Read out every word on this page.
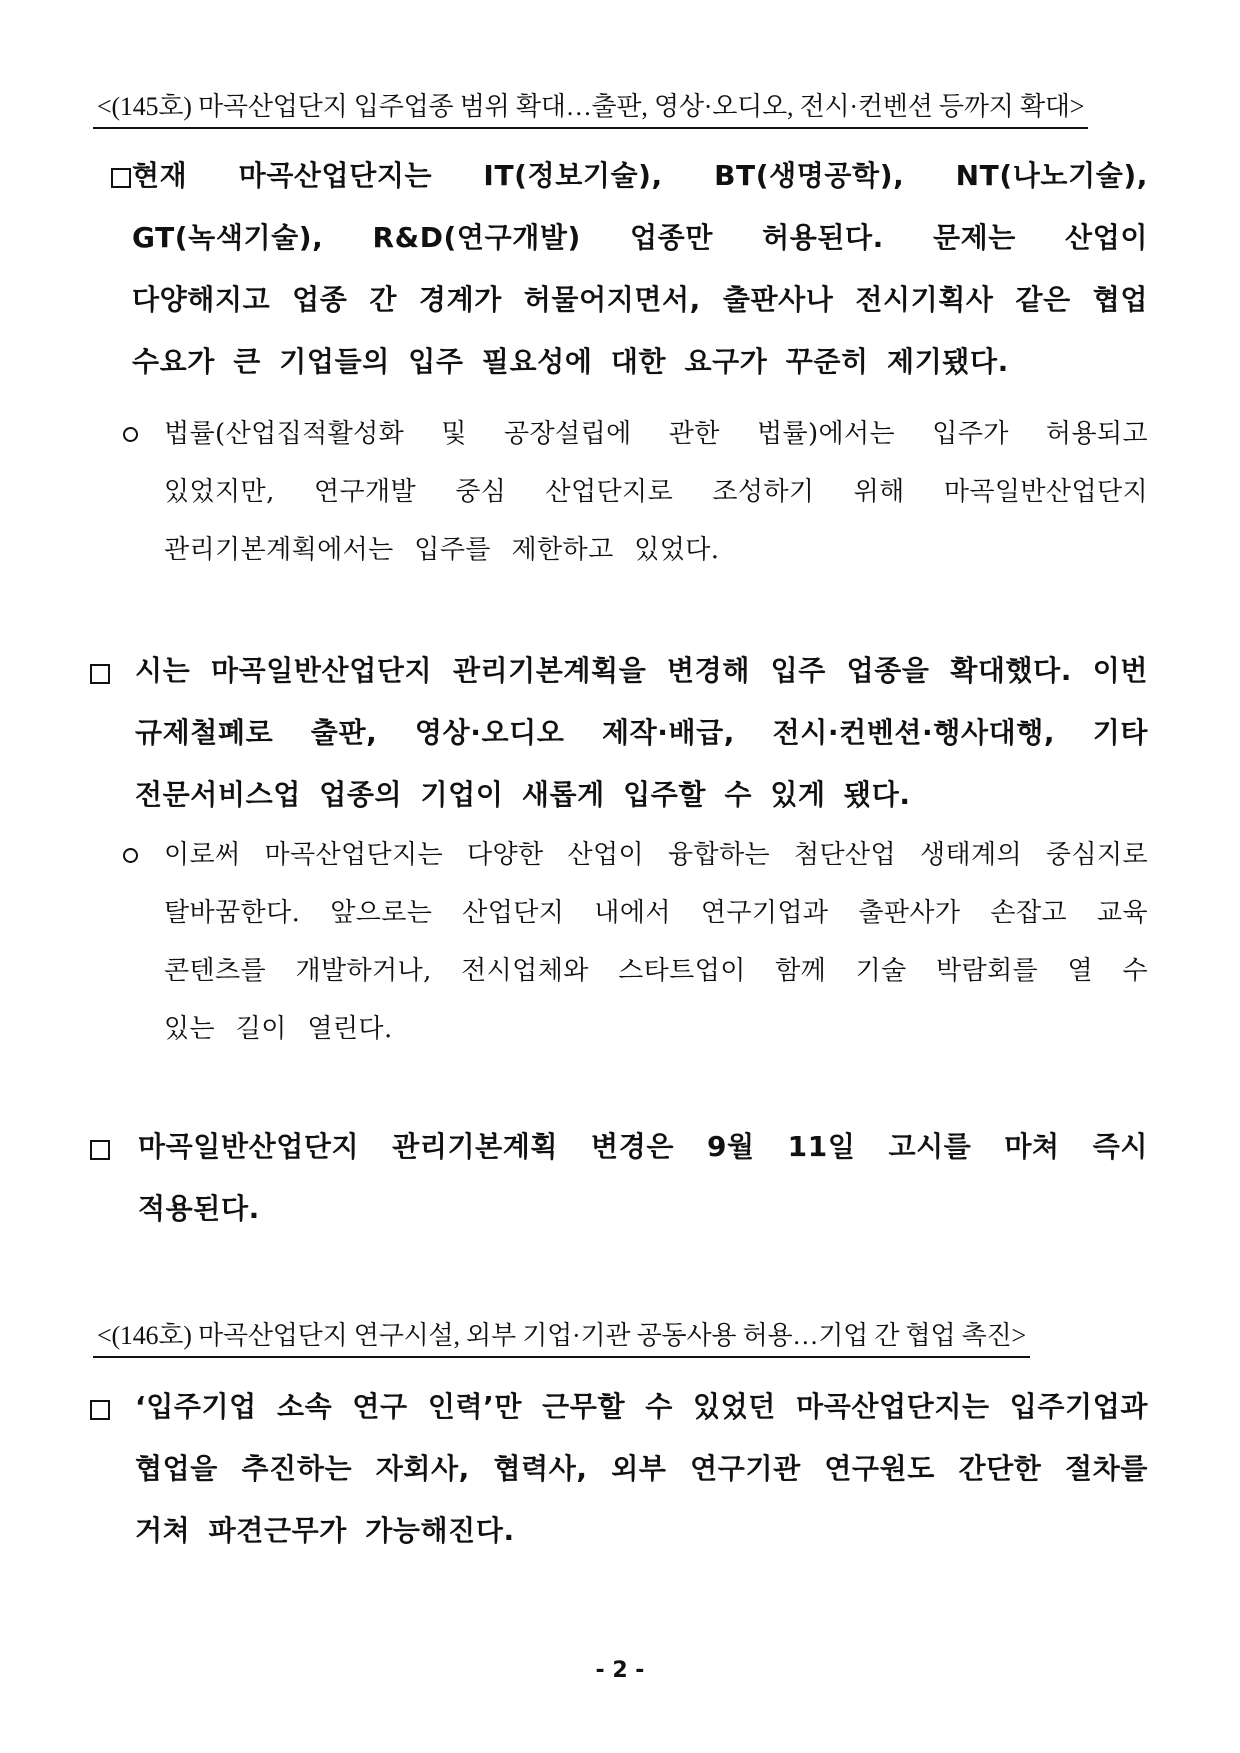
<(145호) 마곡산업단지 입주업종 범위 확대…출판, 영상·오디오, 전시·컨벤션 등까지 확대>
현재 마곡산업단지는 IT(정보기술), BT(생명공학), NT(나노기술), GT(녹색기술), R&D(연구개발) 업종만 허용된다. 문제는 산업이 다양해지고 업종 간 경계가 허물어지면서, 출판사나 전시기획사 같은 협업 수요가 큰 기업들의 입주 필요성에 대한 요구가 꾸준히 제기됐다.
법률(산업집적활성화 및 공장설립에 관한 법률)에서는 입주가 허용되고 있었지만, 연구개발 중심 산업단지로 조성하기 위해 마곡일반산업단지 관리기본계획에서는 입주를 제한하고 있었다.
시는 마곡일반산업단지 관리기본계획을 변경해 입주 업종을 확대했다. 이번 규제철폐로 출판, 영상·오디오 제작·배급, 전시·컨벤션·행사대행, 기타 전문서비스업 업종의 기업이 새롭게 입주할 수 있게 됐다.
이로써 마곡산업단지는 다양한 산업이 융합하는 첨단산업 생태계의 중심지로 탈바꿈한다. 앞으로는 산업단지 내에서 연구기업과 출판사가 손잡고 교육 콘텐츠를 개발하거나, 전시업체와 스타트업이 함께 기술 박람회를 열 수 있는 길이 열린다.
마곡일반산업단지 관리기본계획 변경은 9월 11일 고시를 마쳐 즉시 적용된다.
<(146호) 마곡산업단지 연구시설, 외부 기업·기관 공동사용 허용…기업 간 협업 촉진>
‘입주기업 소속 연구 인력’만 근무할 수 있었던 마곡산업단지는 입주기업과 협업을 추진하는 자회사, 협력사, 외부 연구기관 연구원도 간단한 절차를 거쳐 파견근무가 가능해진다.
- 2 -
